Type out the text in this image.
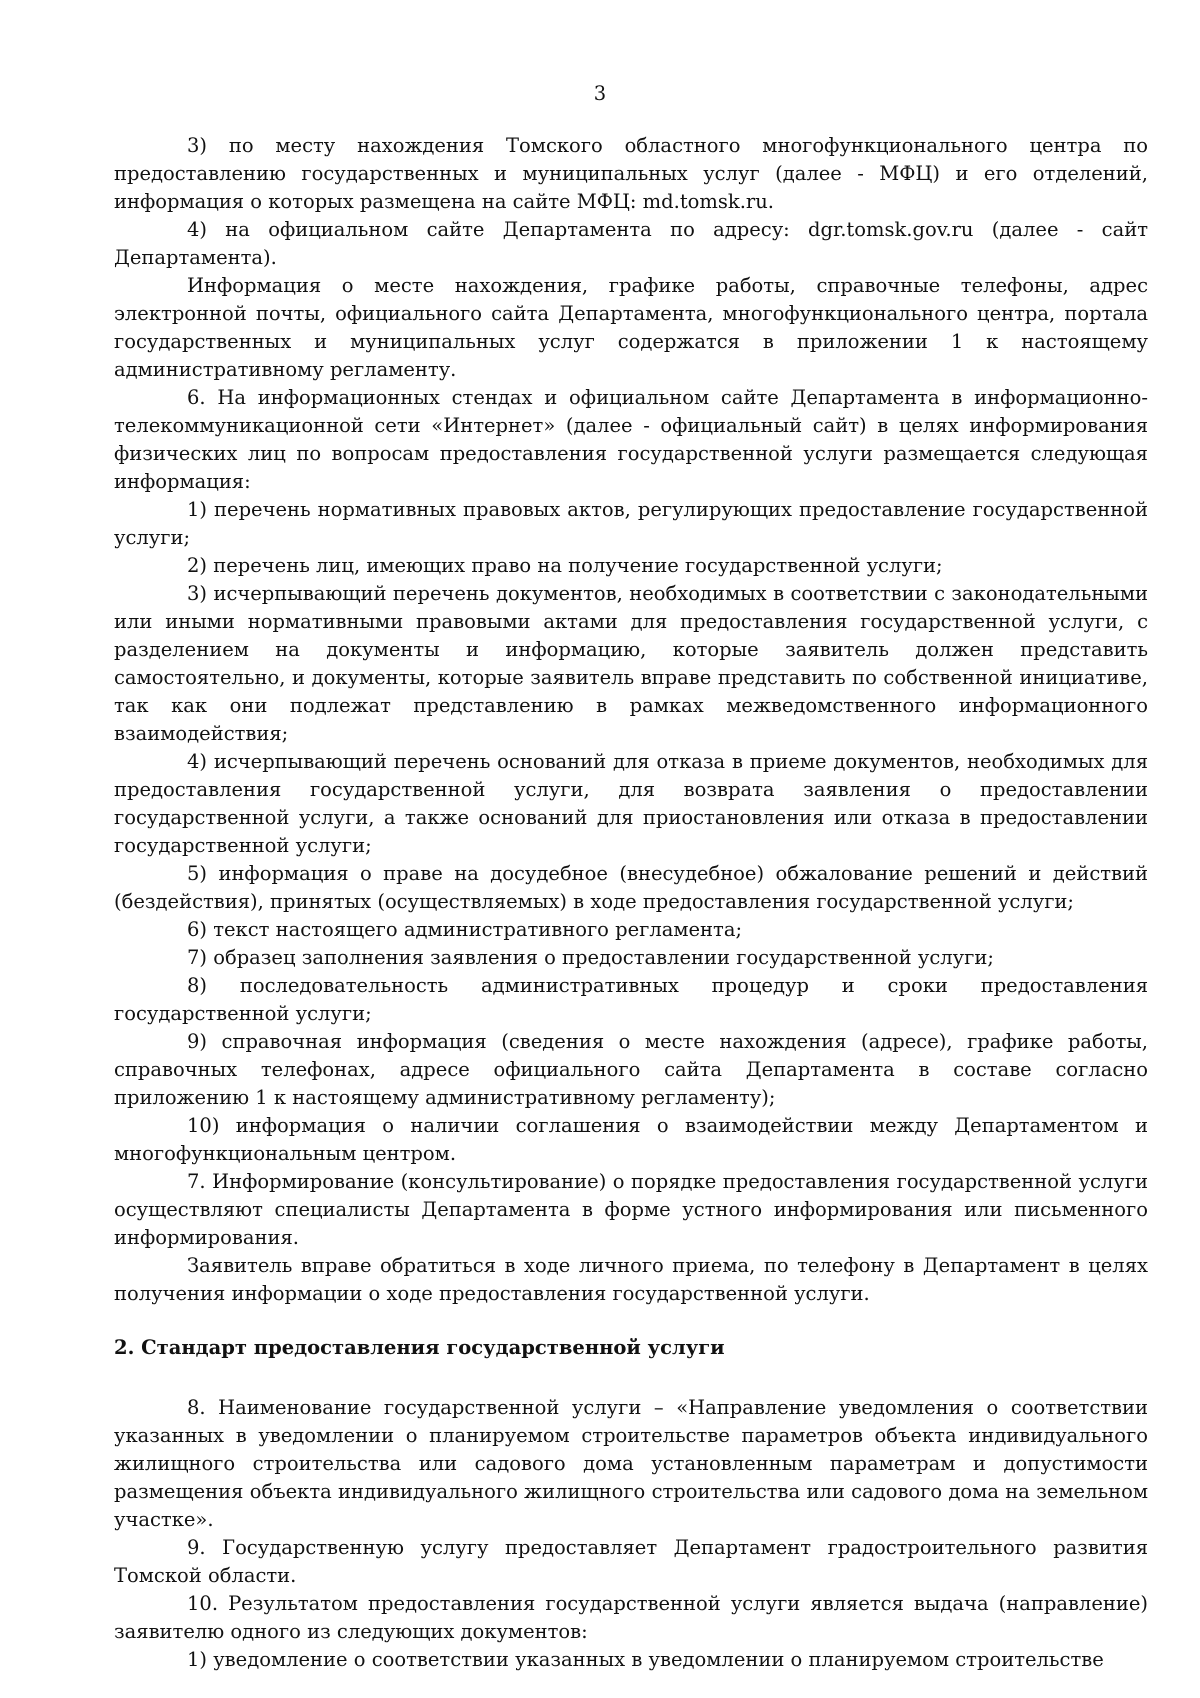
3

3) по месту нахождения Томского областного многофункционального центра по предоставлению государственных и муниципальных услуг (далее - МФЦ) и его отделений, информация о которых размещена на сайте МФЦ: md.tomsk.ru.

4) на официальном сайте Департамента по адресу: dgr.tomsk.gov.ru (далее - сайт Департамента).

Информация о месте нахождения, графике работы, справочные телефоны, адрес электронной почты, официального сайта Департамента, многофункционального центра, портала государственных и муниципальных услуг содержатся в приложении 1 к настоящему административному регламенту.

6. На информационных стендах и официальном сайте Департамента в информационно-телекоммуникационной сети «Интернет» (далее - официальный сайт) в целях информирования физических лиц по вопросам предоставления государственной услуги размещается следующая информация:

1) перечень нормативных правовых актов, регулирующих предоставление государственной услуги;

2) перечень лиц, имеющих право на получение государственной услуги;

3) исчерпывающий перечень документов, необходимых в соответствии с законодательными или иными нормативными правовыми актами для предоставления государственной услуги, с разделением на документы и информацию, которые заявитель должен представить самостоятельно, и документы, которые заявитель вправе представить по собственной инициативе, так как они подлежат представлению в рамках межведомственного информационного взаимодействия;

4) исчерпывающий перечень оснований для отказа в приеме документов, необходимых для предоставления государственной услуги, для возврата заявления о предоставлении государственной услуги, а также оснований для приостановления или отказа в предоставлении государственной услуги;

5) информация о праве на досудебное (внесудебное) обжалование решений и действий (бездействия), принятых (осуществляемых) в ходе предоставления государственной услуги;

6) текст настоящего административного регламента;

7) образец заполнения заявления о предоставлении государственной услуги;

8) последовательность административных процедур и сроки предоставления государственной услуги;

9) справочная информация (сведения о месте нахождения (адресе), графике работы, справочных телефонах, адресе официального сайта Департамента в составе согласно приложению 1 к настоящему административному регламенту);

10) информация о наличии соглашения о взаимодействии между Департаментом и многофункциональным центром.

7. Информирование (консультирование) о порядке предоставления государственной услуги осуществляют специалисты Департамента в форме устного информирования или письменного информирования.

Заявитель вправе обратиться в ходе личного приема, по телефону в Департамент в целях получения информации о ходе предоставления государственной услуги.

2. Стандарт предоставления государственной услуги

8. Наименование государственной услуги – «Направление уведомления о соответствии указанных в уведомлении о планируемом строительстве параметров объекта индивидуального жилищного строительства или садового дома установленным параметрам и допустимости размещения объекта индивидуального жилищного строительства или садового дома на земельном участке».

9. Государственную услугу предоставляет Департамент градостроительного развития Томской области.

10. Результатом предоставления государственной услуги является выдача (направление) заявителю одного из следующих документов:

1) уведомление о соответствии указанных в уведомлении о планируемом строительстве
